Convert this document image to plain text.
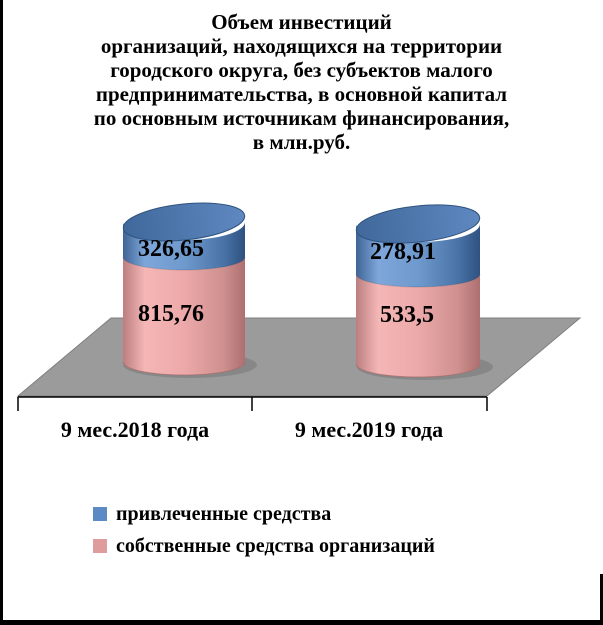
Объем инвестиций
организаций, находящихся на территории
городского округа, без субъектов малого
предпринимательства, в основной капитал
по основным источникам финансирования,
в млн.руб.
326,65
815,76
278,91
533,5
9 мес.2018 года	9 мес.2019 года
привлеченные средства
собственные средства организаций
